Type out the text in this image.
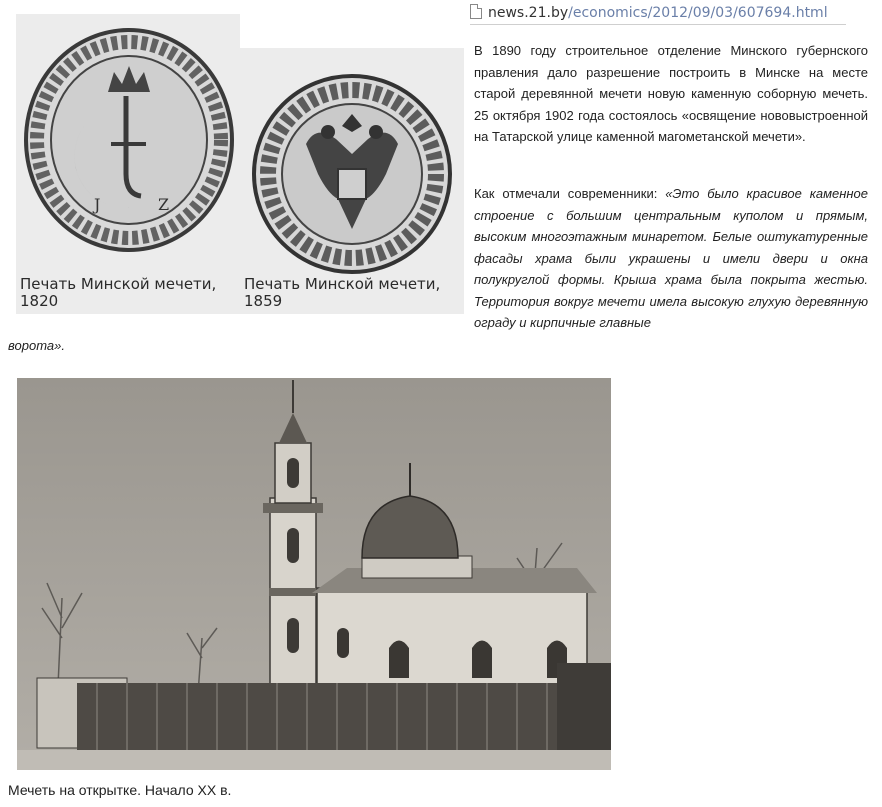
news.21.by/economics/2012/09/03/607694.html
J	Z
Печать Минской мечети,
1820
Печать Минской мечети,
1859

В 1890 году строительное отделение Минского губернского правления дало разрешение построить в Минске на месте старой деревянной мечети новую каменную соборную мечеть. 25 октября 1902 года состоялось «освящение нововыстроенной на Татарской улице каменной магометанской мечети».

Как отмечали современники: «Это было красивое каменное строение с большим центральным куполом и прямым, высоким многоэтажным минаретом. Белые оштукатуренные фасады храма были украшены и имели двери и окна полукруглой формы. Крыша храма была покрыта жестью. Территория вокруг мечети имела высокую глухую деревянную ограду и кирпичные главные

ворота».
Мечеть на открытке. Начало XX в.
